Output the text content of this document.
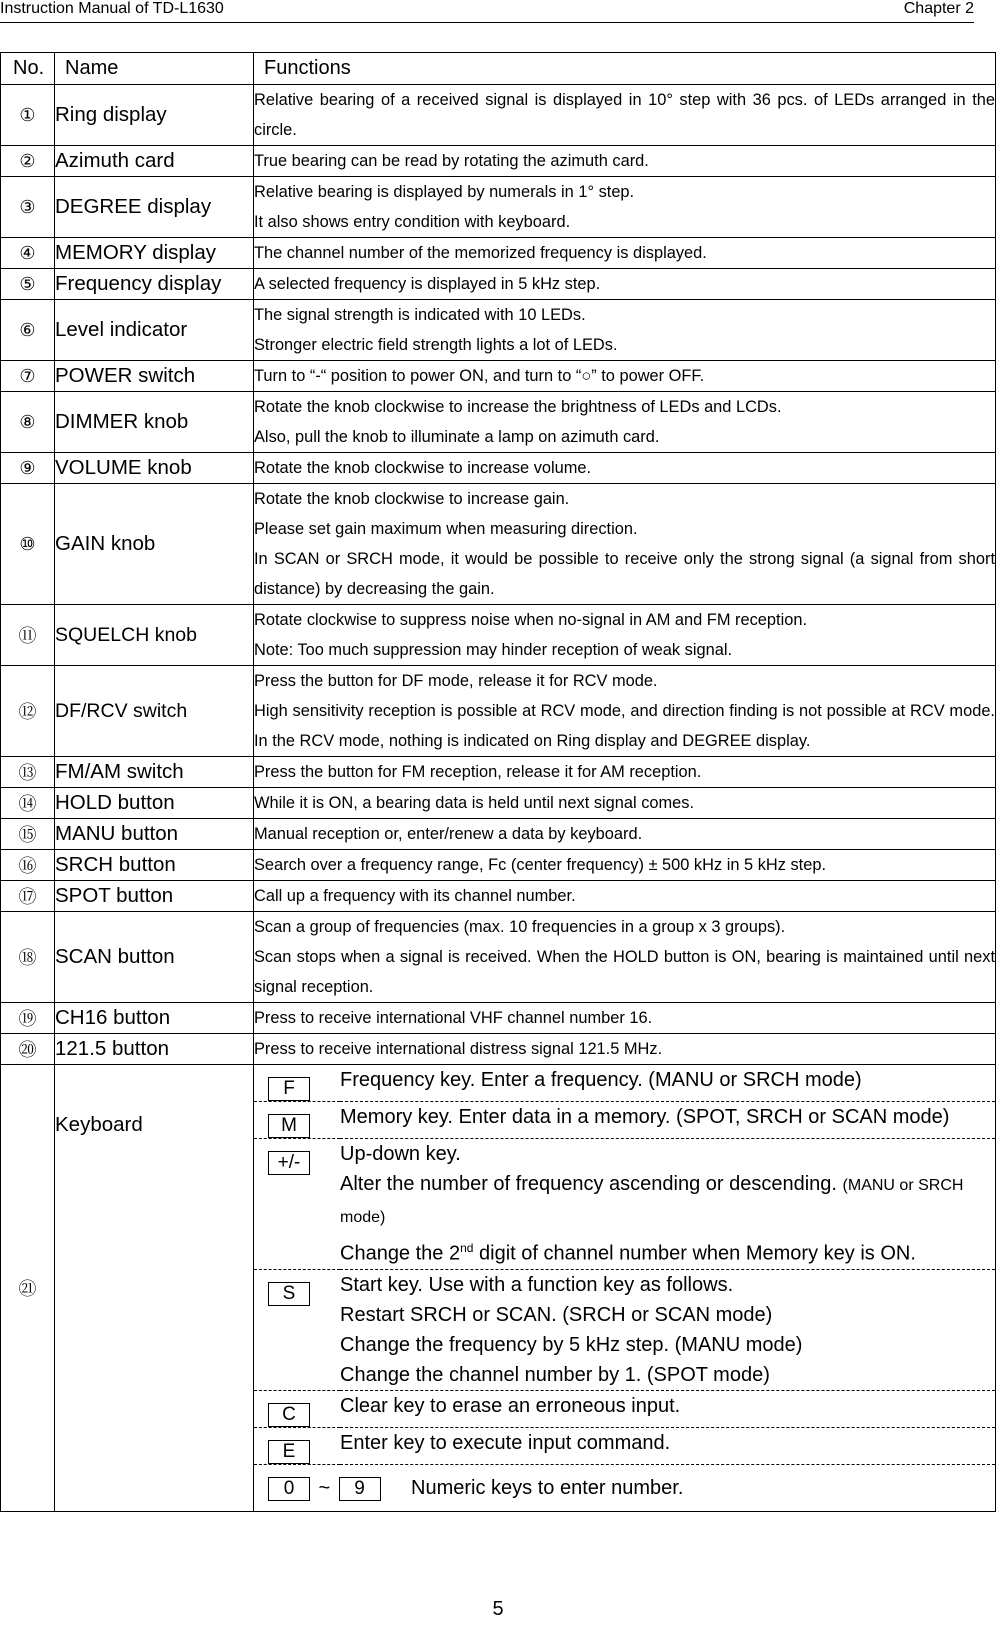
Instruction Manual of TD-L1630	Chapter 2
No.	Name	Functions
①	Ring display	
Relative bearing of a received signal is displayed in 10° step with 36 pcs. of LEDs arranged in the circle.

②	Azimuth card	True bearing can be read by rotating the azimuth card.

③	DEGREE display	
Relative bearing is displayed by numerals in 1° step.
It also shows entry condition with keyboard.

④	MEMORY display	The channel number of the memorized frequency is displayed.

⑤	Frequency display	A selected frequency is displayed in 5 kHz step.

⑥	Level indicator	
The signal strength is indicated with 10 LEDs.
Stronger electric field strength lights a lot of LEDs.

⑦	POWER switch	Turn to “-“ position to power ON, and turn to “○” to power OFF.

⑧	DIMMER knob	
Rotate the knob clockwise to increase the brightness of LEDs and LCDs.
Also, pull the knob to illuminate a lamp on azimuth card.

⑨	VOLUME knob	Rotate the knob clockwise to increase volume.

⑩	GAIN knob	
Rotate the knob clockwise to increase gain.
Please set gain maximum when measuring direction.
In SCAN or SRCH mode, it would be possible to receive only the strong signal (a signal from short distance) by decreasing the gain.

⑪	SQUELCH knob	
Rotate clockwise to suppress noise when no-signal in AM and FM reception.
Note: Too much suppression may hinder reception of weak signal.

⑫	DF/RCV switch	
Press the button for DF mode, release it for RCV mode.
High sensitivity reception is possible at RCV mode, and direction finding is not possible at RCV mode. In the RCV mode, nothing is indicated on Ring display and DEGREE display.

⑬	FM/AM switch	Press the button for FM reception, release it for AM reception.

⑭	HOLD button	While it is ON, a bearing data is held until next signal comes.

⑮	MANU button	Manual reception or, enter/renew a data by keyboard.

⑯	SRCH button	Search over a frequency range, Fc (center frequency) ± 500 kHz in 5 kHz step.

⑰	SPOT button	Call up a frequency with its channel number.

⑱	SCAN button	
Scan a group of frequencies (max. 10 frequencies in a group x 3 groups).
Scan stops when a signal is received. When the HOLD button is ON, bearing is maintained until next signal reception.

⑲	CH16 button	Press to receive international VHF channel number 16.

⑳	121.5 button	Press to receive international distress signal 121.5 MHz.

㉑	Keyboard	
F	Frequency key. Enter a frequency. (MANU or SRCH mode)

M	Memory key. Enter data in a memory. (SPOT, SRCH or SCAN mode)

+/-	Up-down key.
Alter the number of frequency ascending or descending. (MANU or SRCH mode)
Change the 2nd digit of channel number when Memory key is ON.

S	Start key. Use with a function key as follows.
Restart SRCH or SCAN. (SRCH or SCAN mode)
Change the frequency by 5 kHz step. (MANU mode)
Change the channel number by 1. (SPOT mode)

C	Clear key to erase an erroneous input.

E	Enter key to execute input command.

0 ~ 9 Numeric keys to enter number.
5
